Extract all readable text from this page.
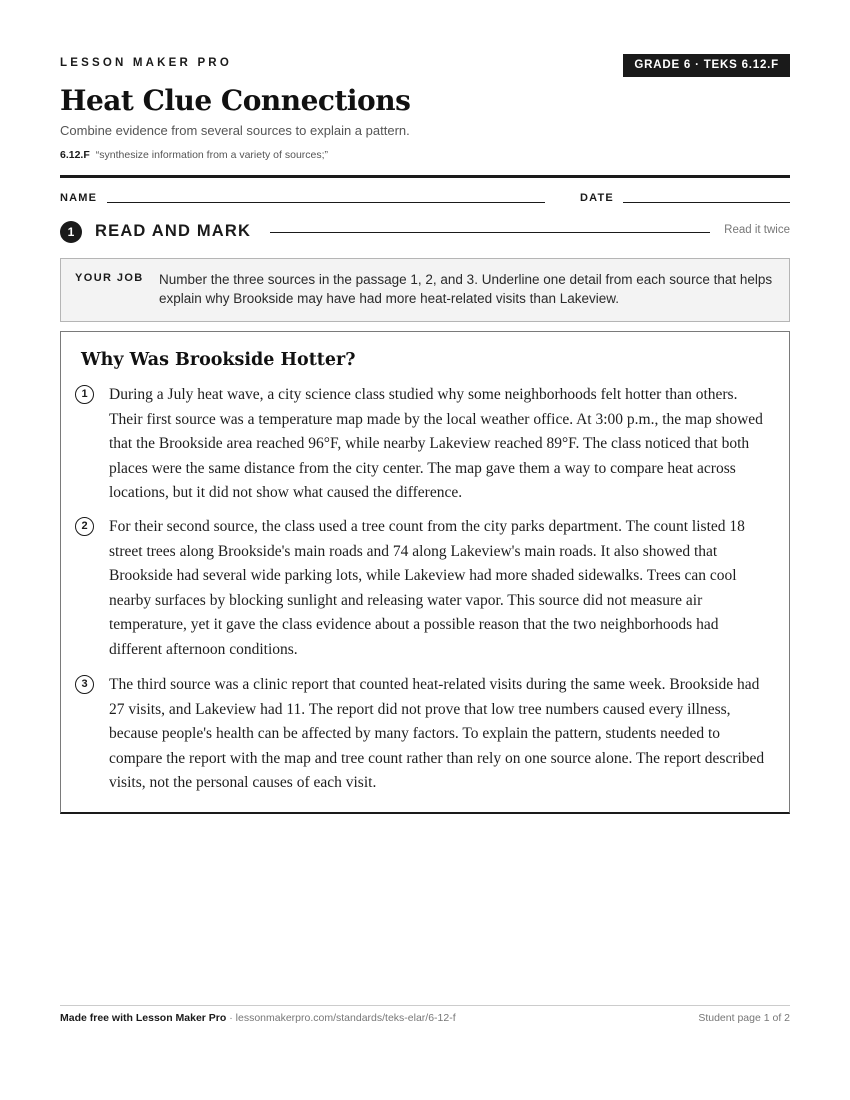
LESSON MAKER PRO	GRADE 6 · TEKS 6.12.F
Heat Clue Connections
Combine evidence from several sources to explain a pattern.
6.12.F “synthesize information from a variety of sources;”
NAME	DATE
1	READ AND MARK	Read it twice
YOUR JOB Number the three sources in the passage 1, 2, and 3. Underline one detail from each source that helps explain why Brookside may have had more heat-related visits than Lakeview.
Why Was Brookside Hotter?
1	During a July heat wave, a city science class studied why some neighborhoods felt hotter than others. Their first source was a temperature map made by the local weather office. At 3:00 p.m., the map showed that the Brookside area reached 96°F, while nearby Lakeview reached 89°F. The class noticed that both places were the same distance from the city center. The map gave them a way to compare heat across locations, but it did not show what caused the difference.

2	For their second source, the class used a tree count from the city parks department. The count listed 18 street trees along Brookside's main roads and 74 along Lakeview's main roads. It also showed that Brookside had several wide parking lots, while Lakeview had more shaded sidewalks. Trees can cool nearby surfaces by blocking sunlight and releasing water vapor. This source did not measure air temperature, yet it gave the class evidence about a possible reason that the two neighborhoods had different afternoon conditions.

3	The third source was a clinic report that counted heat-related visits during the same week. Brookside had 27 visits, and Lakeview had 11. The report did not prove that low tree numbers caused every illness, because people's health can be affected by many factors. To explain the pattern, students needed to compare the report with the map and tree count rather than rely on one source alone. The report described visits, not the personal causes of each visit.

Made free with Lesson Maker Pro · lessonmakerpro.com/standards/teks-elar/6-12-f	Student page 1 of 2
